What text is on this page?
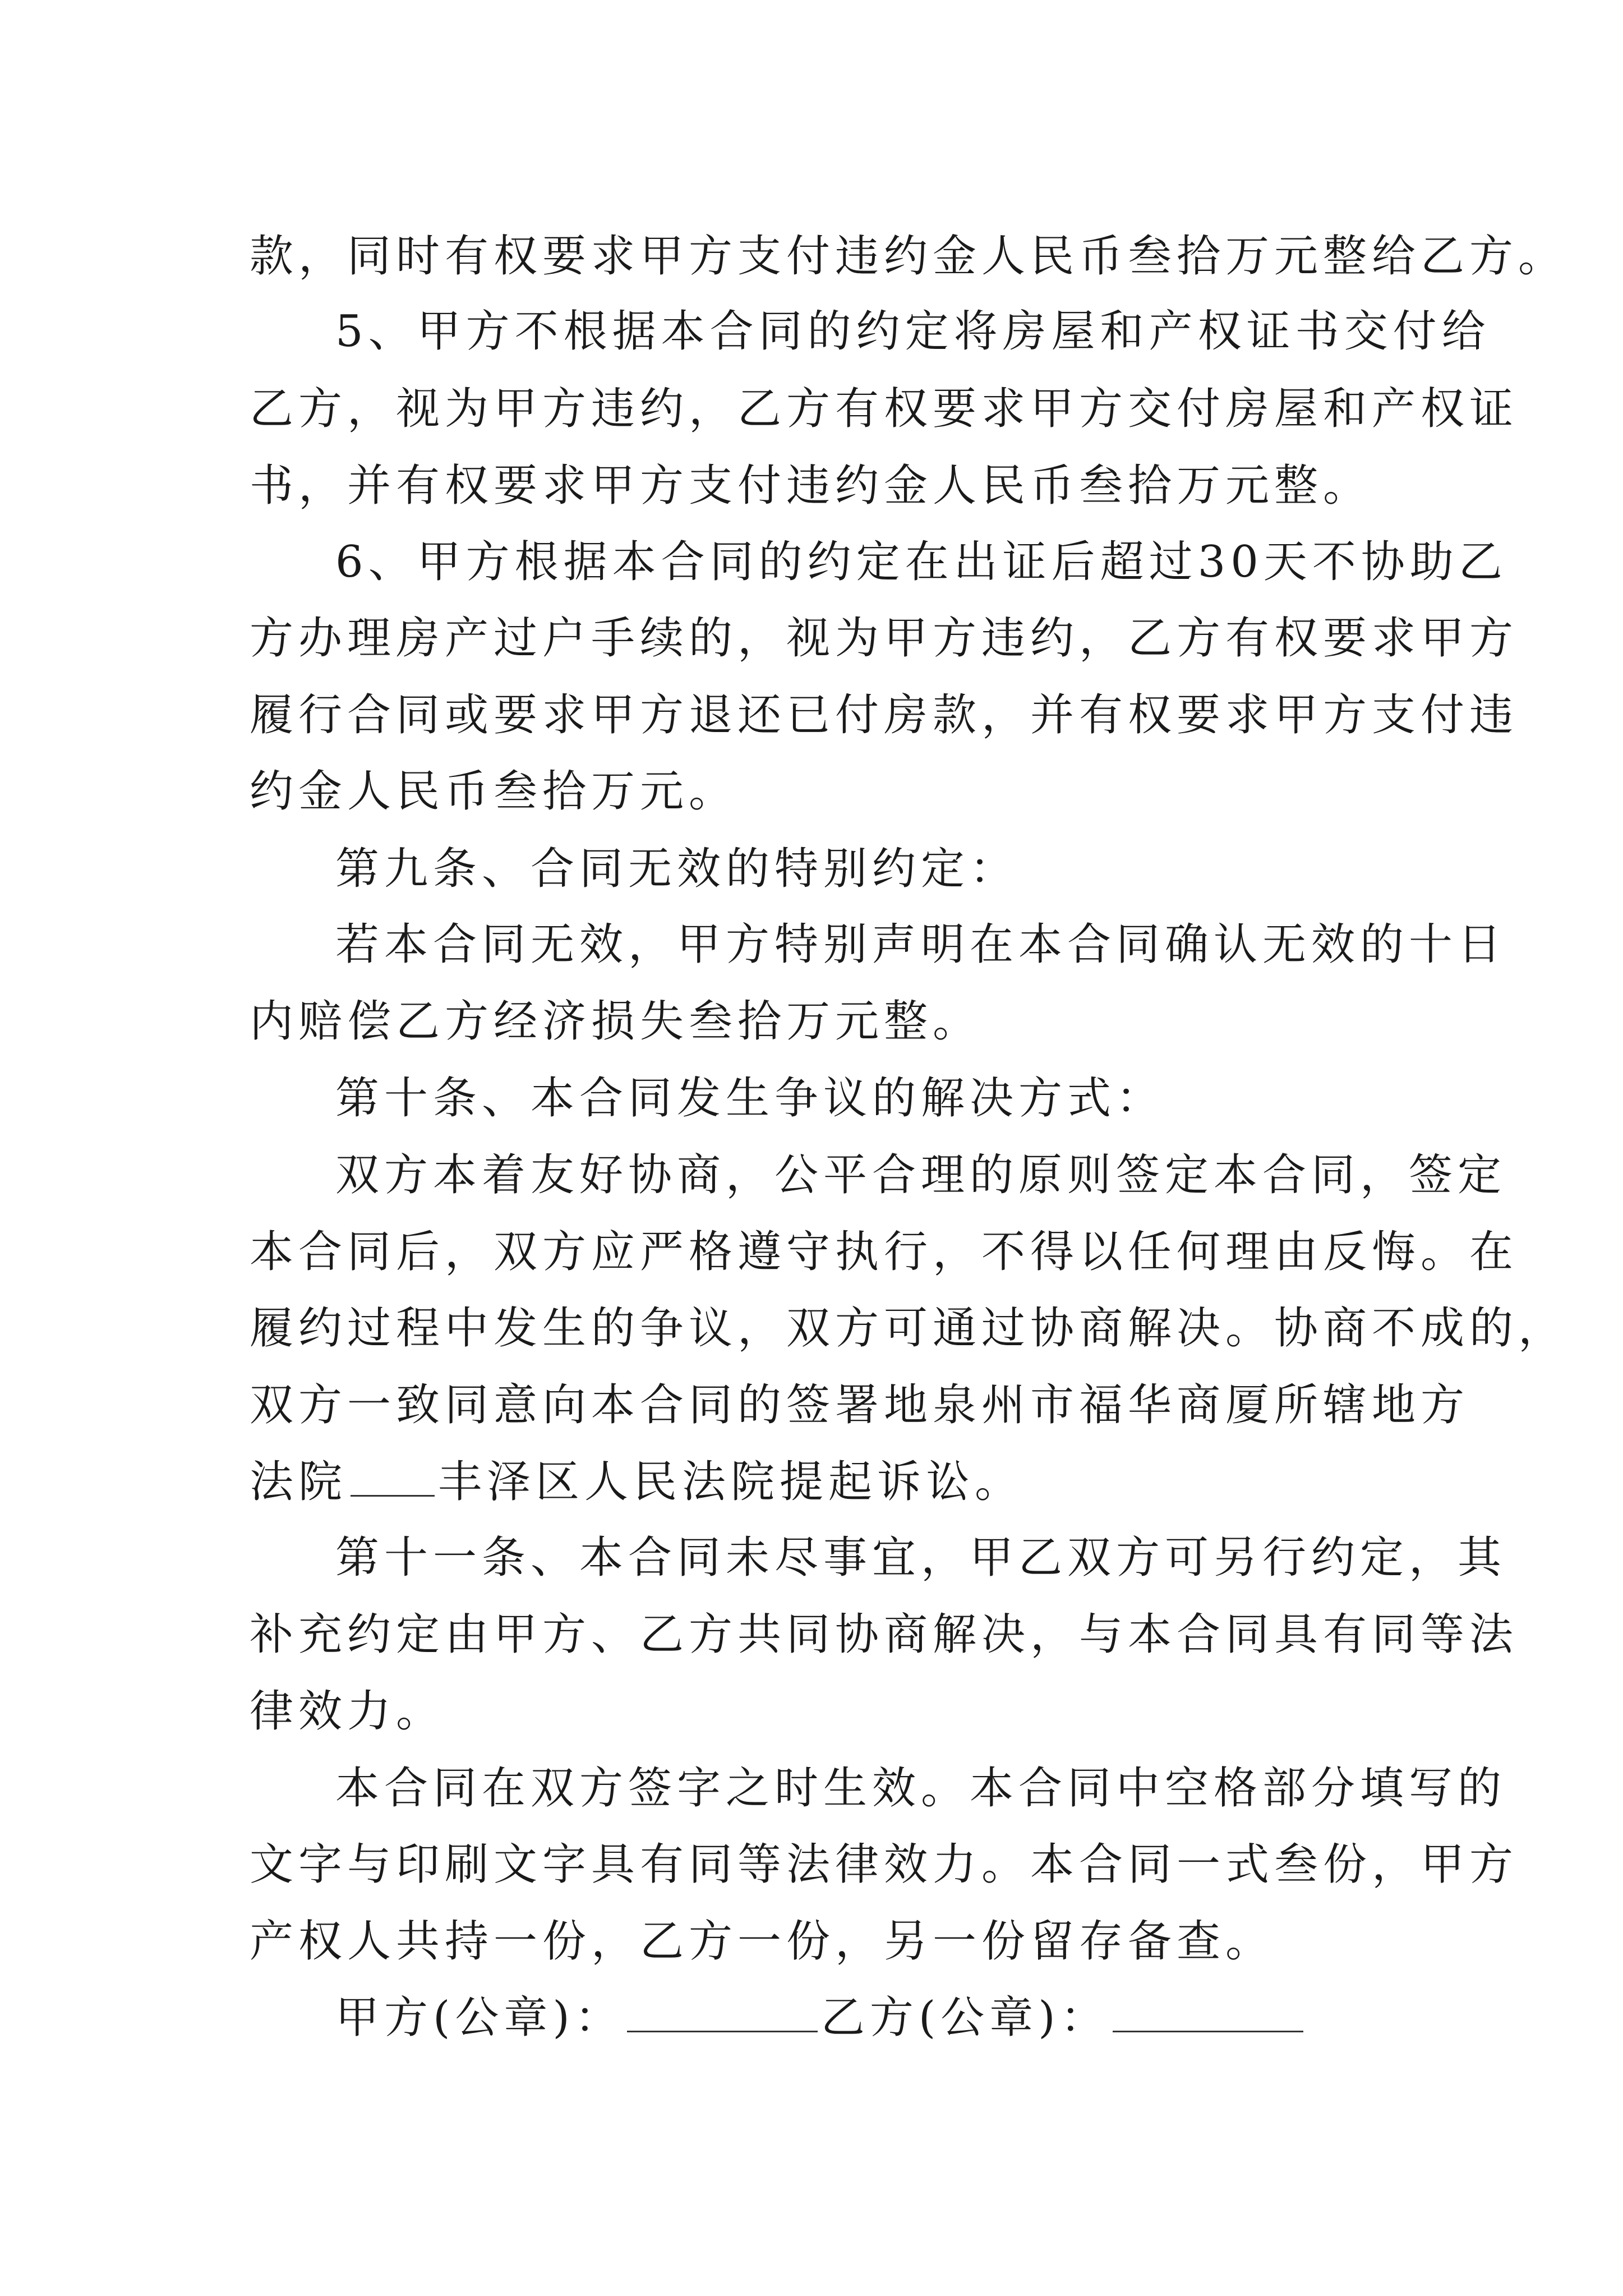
款，同时有权要求甲方支付违约金人民币叁拾万元整给乙方。
5、甲方不根据本合同的约定将房屋和产权证书交付给
乙方，视为甲方违约，乙方有权要求甲方交付房屋和产权证
书，并有权要求甲方支付违约金人民币叁拾万元整。
6、甲方根据本合同的约定在出证后超过30天不协助乙
方办理房产过户手续的，视为甲方违约，乙方有权要求甲方
履行合同或要求甲方退还已付房款，并有权要求甲方支付违
约金人民币叁拾万元。
第九条、合同无效的特别约定：
若本合同无效，甲方特别声明在本合同确认无效的十日
内赔偿乙方经济损失叁拾万元整。
第十条、本合同发生争议的解决方式：
双方本着友好协商，公平合理的原则签定本合同，签定
本合同后，双方应严格遵守执行，不得以任何理由反悔。在
履约过程中发生的争议，双方可通过协商解决。协商不成的，
双方一致同意向本合同的签署地泉州市福华商厦所辖地方
法院 丰泽区人民法院提起诉讼。
第十一条、本合同未尽事宜，甲乙双方可另行约定，其
补充约定由甲方、乙方共同协商解决，与本合同具有同等法
律效力。
本合同在双方签字之时生效。本合同中空格部分填写的
文字与印刷文字具有同等法律效力。本合同一式叁份，甲方
产权人共持一份，乙方一份，另一份留存备查。
甲方(公章)：	乙方(公章)：
